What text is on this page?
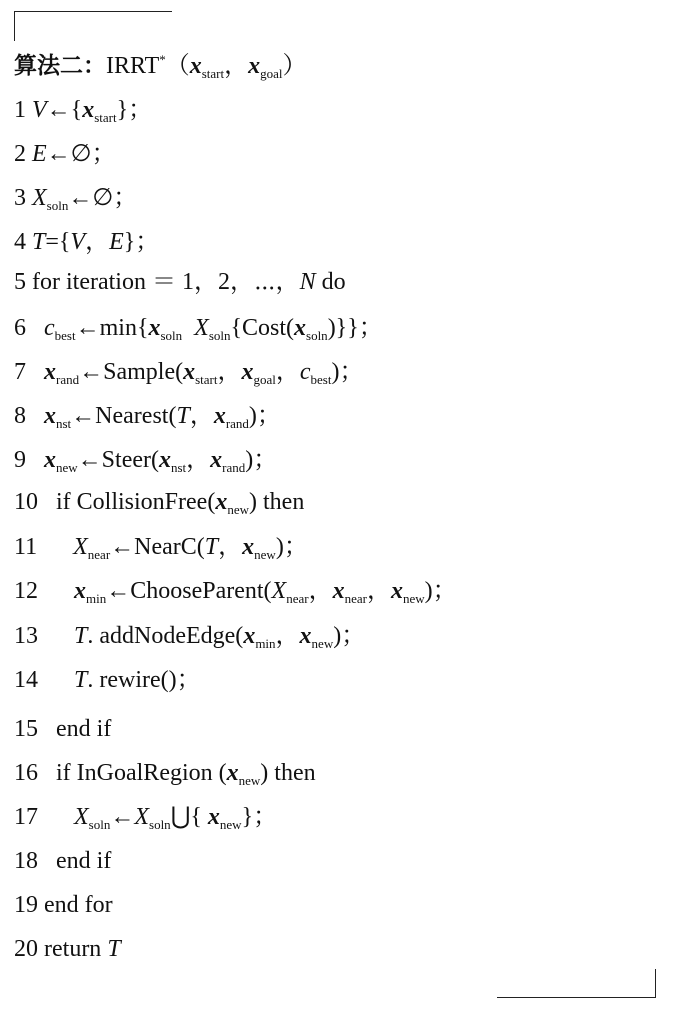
算法二：$IRRT^*(x_{start}$，$x_{goal}$）
1 $V\leftarrow\{x_{start}\}$；
2 E←∅；
3 $X_{soln}\leftarrow\emptyset$；
4 T={V，E}；
5 for iteration ＝ 1，2，⋯，N do
6 $c_{best}\leftarrow\min\{x_{soln}$  $X_{soln}\{Cost(x_{soln})\}$}；
7 $x_{rand}\leftarrow Sample(x_{start}$，$x_{goal}$，$c_{best}$)；
8 $x_{nst}\leftarrow Nearest(T$，$x_{rand}$)；
9 $x_{new}\leftarrow Steer(x_{nst}$，$x_{rand}$)；
10 if $CollisionFree(x_{new})$ then
11 $X_{near}\leftarrow NearC(T$，$x_{new}$)；
12 $x_{min}\leftarrow ChooseParent(X_{near}$，$x_{near}$，$x_{new}$)；
13 T. $addNodeEdge(x_{min}$，$x_{new}$)；
14 T. rewire()；
15 end if
16 if InGoalRegion $(x_{new})$ then
17 $X_{soln}\leftarrow X_{soln}⋃${ $x_{new}$}；
18 end if
19 end for
20 return T
